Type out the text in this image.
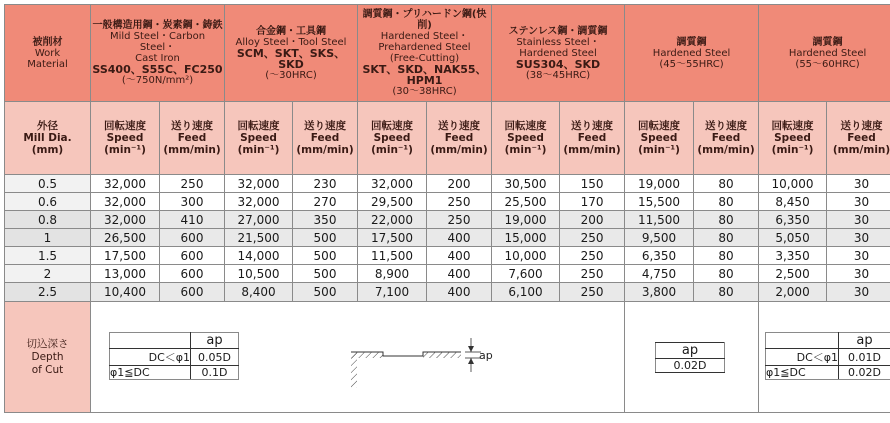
被削材
Work
Material

一般構造用鋼・炭素鋼・鋳鉄
Mild Steel・Carbon Steel・
Cast Iron
SS400、S55C、FC250
(～750N/mm²)

合金鋼・工具鋼
Alloy Steel・Tool Steel
SCM、SKT、SKS、SKD
(～30HRC)

調質鋼・プリハードン鋼(快削)
Hardened Steel・
Prehardened Steel
(Free-Cutting)
SKT、SKD、NAK55、HPM1
(30～38HRC)

ステンレス鋼・調質鋼
Stainless Steel・
Hardened Steel
SUS304、SKD
(38～45HRC)

調質鋼
Hardened Steel
(45～55HRC)

調質鋼
Hardened Steel
(55～60HRC)

外径
Mill Dia.
(mm)

回転速度
Speed
(min⁻¹)

送り速度
Feed
(mm/min)

回転速度
Speed
(min⁻¹)

送り速度
Feed
(mm/min)

回転速度
Speed
(min⁻¹)

送り速度
Feed
(mm/min)

回転速度
Speed
(min⁻¹)

送り速度
Feed
(mm/min)

回転速度
Speed
(min⁻¹)

送り速度
Feed
(mm/min)

回転速度
Speed
(min⁻¹)

送り速度
Feed
(mm/min)

0.5	32,000	250	32,000	230	32,000	200	30,500	150	19,000	80	10,000	30
0.6	32,000	300	32,000	270	29,500	250	25,500	170	15,500	80	8,450	30
0.8	32,000	410	27,000	350	22,000	250	19,000	200	11,500	80	6,350	30
1	26,500	600	21,500	500	17,500	400	15,000	250	9,500	80	5,050	30
1.5	17,500	600	14,000	500	11,500	400	10,000	250	6,350	80	3,350	30
2	13,000	600	10,500	500	8,900	400	7,600	250	4,750	80	2,500	30
2.5	10,400	600	8,400	500	7,100	400	6,100	250	3,800	80	2,000	30

切込深さ
Depth
of Cut

	ap
DC＜φ1	0.05D
φ1≦DC	0.1D
ap
		ap
0.02D

	ap
DC＜φ1	0.01D
φ1≦DC	0.02D
